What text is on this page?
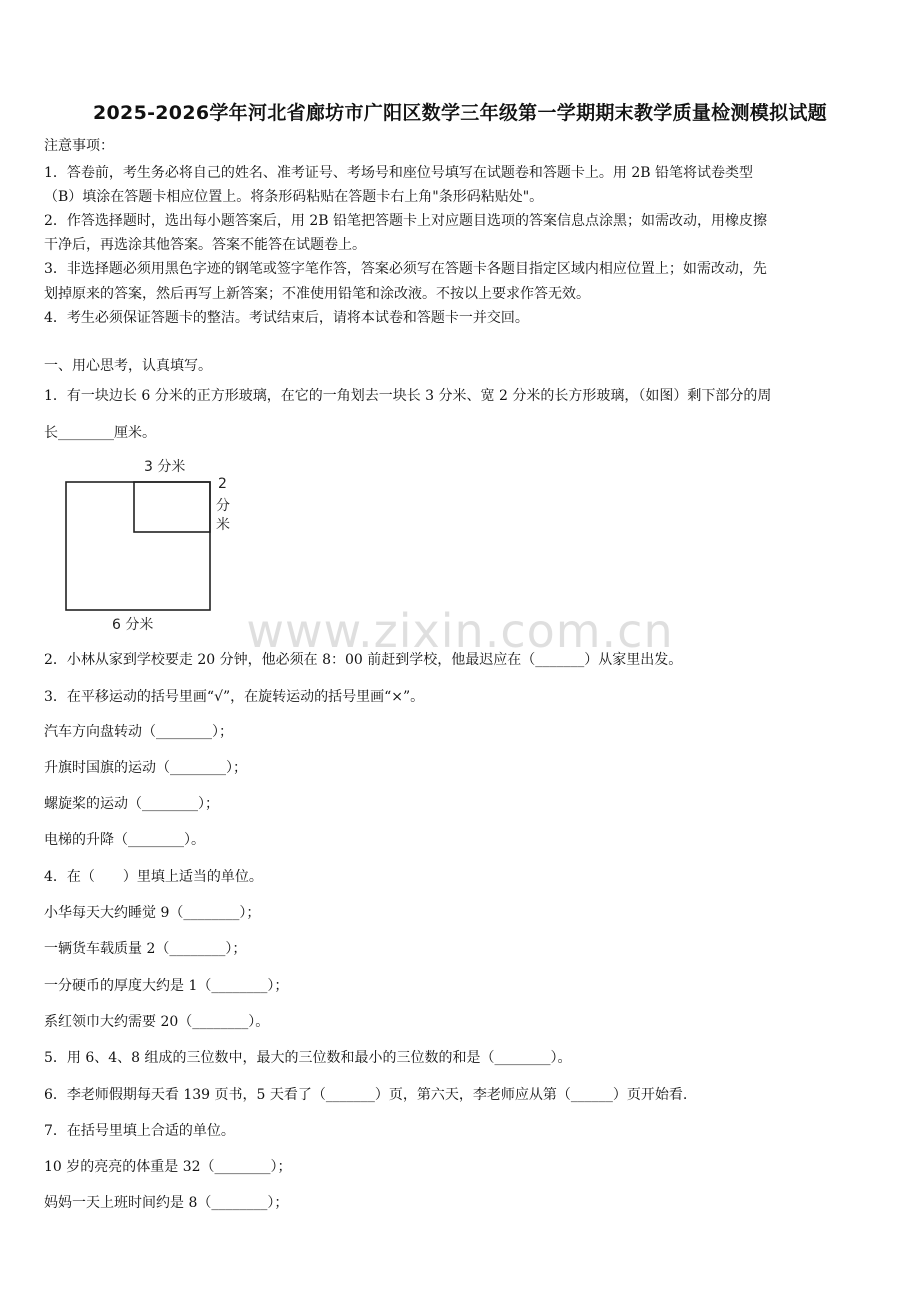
2025-2026学年河北省廊坊市广阳区数学三年级第一学期期末教学质量检测模拟试题
注意事项：
1．答卷前，考生务必将自己的姓名、准考证号、考场号和座位号填写在试题卷和答题卡上。用 2B 铅笔将试卷类型
（B）填涂在答题卡相应位置上。将条形码粘贴在答题卡右上角"条形码粘贴处"。
2．作答选择题时，选出每小题答案后，用 2B 铅笔把答题卡上对应题目选项的答案信息点涂黑；如需改动，用橡皮擦
干净后，再选涂其他答案。答案不能答在试题卷上。
3．非选择题必须用黑色字迹的钢笔或签字笔作答，答案必须写在答题卡各题目指定区域内相应位置上；如需改动，先
划掉原来的答案，然后再写上新答案；不准使用铅笔和涂改液。不按以上要求作答无效。
4．考生必须保证答题卡的整洁。考试结束后，请将本试卷和答题卡一并交回。
一、用心思考，认真填写。
1．有一块边长 6 分米的正方形玻璃，在它的一角划去一块长 3 分米、宽 2 分米的长方形玻璃，（如图）剩下部分的周
长________厘米。
3 分米
2
分
米
6 分米	www.zixin.com.cn
2．小林从家到学校要走 20 分钟，他必须在 8：00 前赶到学校，他最迟应在（_______）从家里出发。
3．在平移运动的括号里画“√”，在旋转运动的括号里画“×”。
汽车方向盘转动（________）；
升旗时国旗的运动（________）；
螺旋桨的运动（________）；
电梯的升降（________）。
4．在（　　）里填上适当的单位。
小华每天大约睡觉 9（________）；
一辆货车载质量 2（________）；
一分硬币的厚度大约是 1（________）；
系红领巾大约需要 20（________）。
5．用 6、4、8 组成的三位数中，最大的三位数和最小的三位数的和是（________）。
6．李老师假期每天看 139 页书，5 天看了（_______）页，第六天，李老师应从第（______）页开始看.
7．在括号里填上合适的单位。
10 岁的亮亮的体重是 32（________）；
妈妈一天上班时间约是 8（________）；
